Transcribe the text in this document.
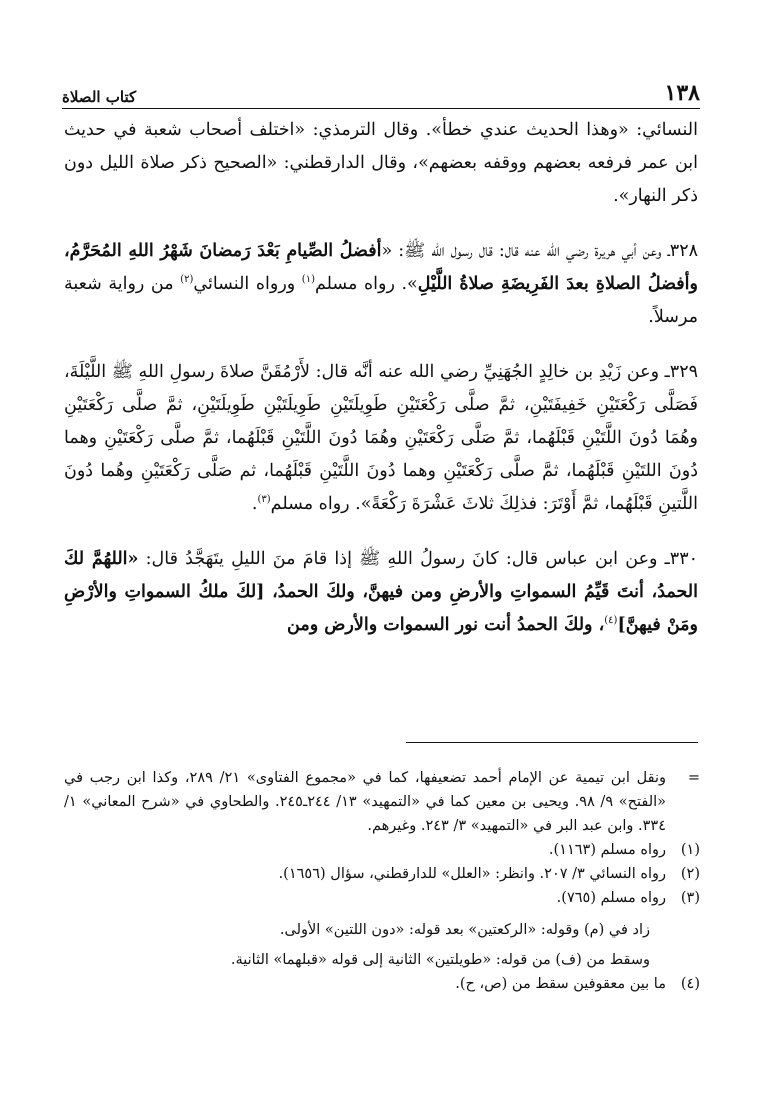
كتاب الصلاة	١٣٨

النسائي: «وهذا الحديث عندي خطأ». وقال الترمذي: «اختلف أصحاب شعبة في حديث ابن عمر فرفعه بعضهم ووقفه بعضهم»، وقال الدارقطني: «الصحيح ذكر صلاة الليل دون ذكر النهار».

٣٢٨ـ وعن أبي هريرة رضي الله عنه قال: قال رسول الله ﷺ: «أفضلُ الصِّيامِ بَعْدَ رَمضانَ شَهْرُ اللهِ المُحَرَّمُ، وأفضلُ الصلاةِ بعدَ الفَرِيضَةِ صلاةُ اللَّيْلِ». رواه مسلم$^{(١)}$ ورواه النسائي$^{(٢)}$ من رواية شعبة مرسلاً.

٣٢٩ـ وعن زَيْدِ بن خالِدٍ الجُهَنِيِّ رضي الله عنه أنَّه قال: لأَرْمُقَنَّ صلاةَ رسولِ اللهِ ﷺ اللَّيْلَةَ، فَصَلَّى رَكْعَتَيْنِ خَفِيفَتَيْنِ، ثمَّ صلَّى رَكْعَتَيْنِ طَوِيلَتَيْنِ طَوِيلَتَيْنِ طَوِيلَتَيْنِ، ثمَّ صلَّى رَكْعَتَيْنِ وهُمَا دُونَ اللَّتَيْنِ قَبْلَهُما، ثمَّ صَلَّى رَكْعَتَيْنِ وهُمَا دُونَ اللَّتَيْنِ قَبْلَهُما، ثمَّ صلَّى رَكْعَتَيْنِ وهما دُونَ اللتَيْنِ قَبْلَهُما، ثمَّ صلَّى رَكْعَتَيْنِ وهما دُونَ اللَّتَيْنِ قَبْلَهُما، ثم صَلَّى رَكْعَتَيْنِ وهُما دُونَ اللَّتينِ قَبْلَهُما، ثمَّ أَوْتَرَ: فذلِكَ ثلاثَ عَشْرَةَ رَكْعَةً». رواه مسلم$^{(٣)}$.

٣٣٠ـ وعن ابن عباس قال: كانَ رسولُ اللهِ ﷺ إذا قامَ منَ الليلِ يتَهَجَّدُ قال: «اللهُمَّ لكَ الحمدُ، أنتَ قَيِّمُ السمواتِ والأرضِ ومن فيهنَّ، ولكَ الحمدُ، [لكَ ملكُ السمواتِ والأرْضِ ومَنْ فيهنَّ]$^{(٤)}$، ولكَ الحمدُ أنت نور السموات والأرض ومن

=
ونقل ابن تيمية عن الإمام أحمد تضعيفها، كما في «مجموع الفتاوى» ٢١/ ٢٨٩، وكذا ابن رجب في «الفتح» ٩/ ٩٨. ويحيى بن معين كما في «التمهيد» ١٣/ ٢٤٤ـ٢٤٥. والطحاوي في «شرح المعاني» ١/ ٣٣٤. وابن عبد البر في «التمهيد» ٣/ ٢٤٣. وغيرهم.
(١)
رواه مسلم (١١٦٣).
(٢)
رواه النسائي ٣/ ٢٠٧. وانظر: «العلل» للدارقطني، سؤال (١٦٥٦).
(٣)
رواه مسلم (٧٦٥).
زاد في (م) وقوله: «الركعتين» بعد قوله: «دون اللتين» الأولى.
وسقط من (ف) من قوله: «طويلتين» الثانية إلى قوله «قبلهما» الثانية.
(٤)
ما بين معقوفين سقط من (ص، ح).
